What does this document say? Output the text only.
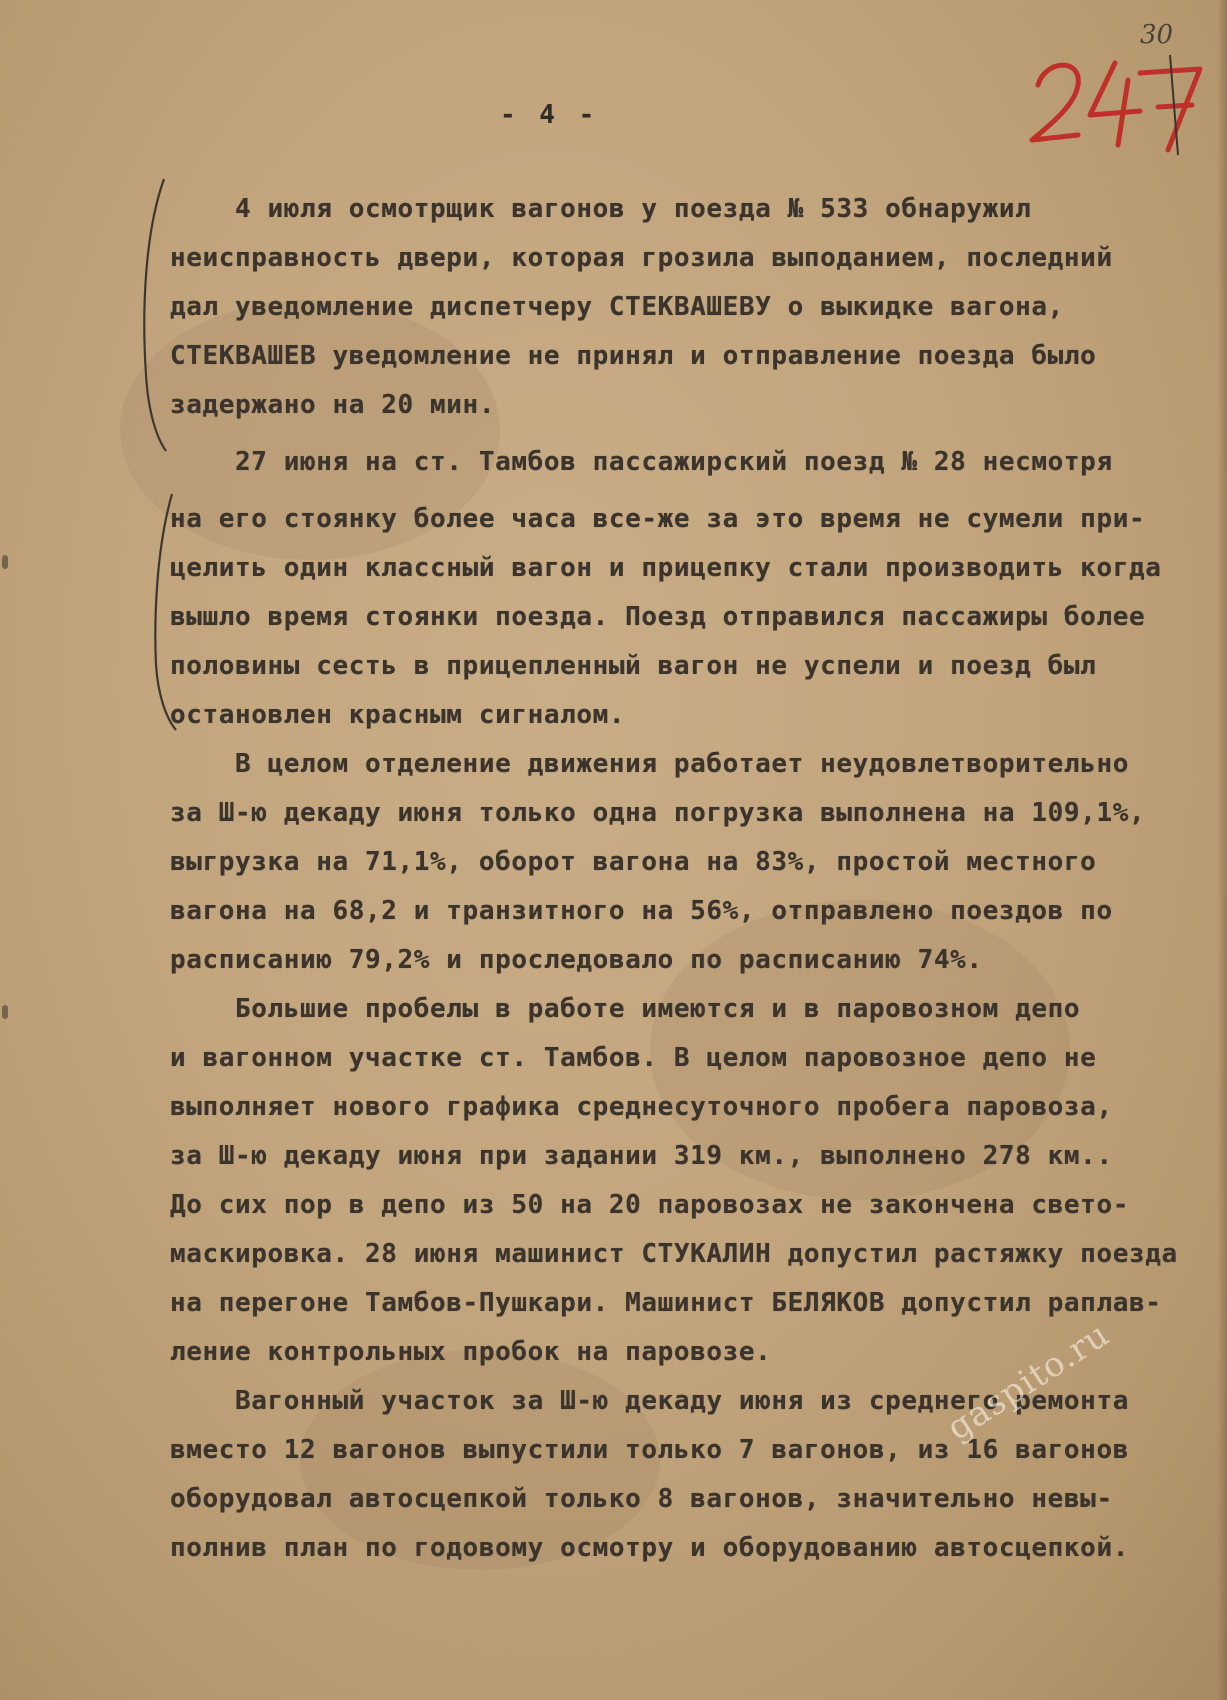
30
- 4 -

4 июля осмотрщик вагонов у поезда № 533 обнаружил

неисправность двери, которая грозила выподанием, последний

дал уведомление диспетчеру СТЕКВАШЕВУ о выкидке вагона,

СТЕКВАШЕВ уведомление не принял и отправление поезда было

задержано на 20 мин.

27 июня на ст. Тамбов пассажирский поезд № 28 несмотря

на его стоянку более часа все-же за это время не сумели при-

целить один классный вагон и прицепку стали производить когда

вышло время стоянки поезда. Поезд отправился пассажиры более

половины сесть в прицепленный вагон не успели и поезд был

остановлен красным сигналом.

В целом отделение движения работает неудовлетворительно

за Ш-ю декаду июня только одна погрузка выполнена на 109,1%,

выгрузка на 71,1%, оборот вагона на 83%, простой местного

вагона на 68,2 и транзитного на 56%, отправлено поездов по

расписанию 79,2% и проследовало по расписанию 74%.

Большие пробелы в работе имеются и в паровозном депо

и вагонном участке ст. Тамбов. В целом паровозное депо не

выполняет нового графика среднесуточного пробега паровоза,

за Ш-ю декаду июня при задании 319 км., выполнено 278 км..

До сих пор в депо из 50 на 20 паровозах не закончена свето-

маскировка. 28 июня машинист СТУКАЛИН допустил растяжку поезда

на перегоне Тамбов-Пушкари. Машинист БЕЛЯКОВ допустил раплав-

ление контрольных пробок на паровозе.

Вагонный участок за Ш-ю декаду июня из среднего ремонта

вместо 12 вагонов выпустили только 7 вагонов, из 16 вагонов

оборудовал автосцепкой только 8 вагонов, значительно невы-

полнив план по годовому осмотру и оборудованию автосцепкой.

gaspito.ru
